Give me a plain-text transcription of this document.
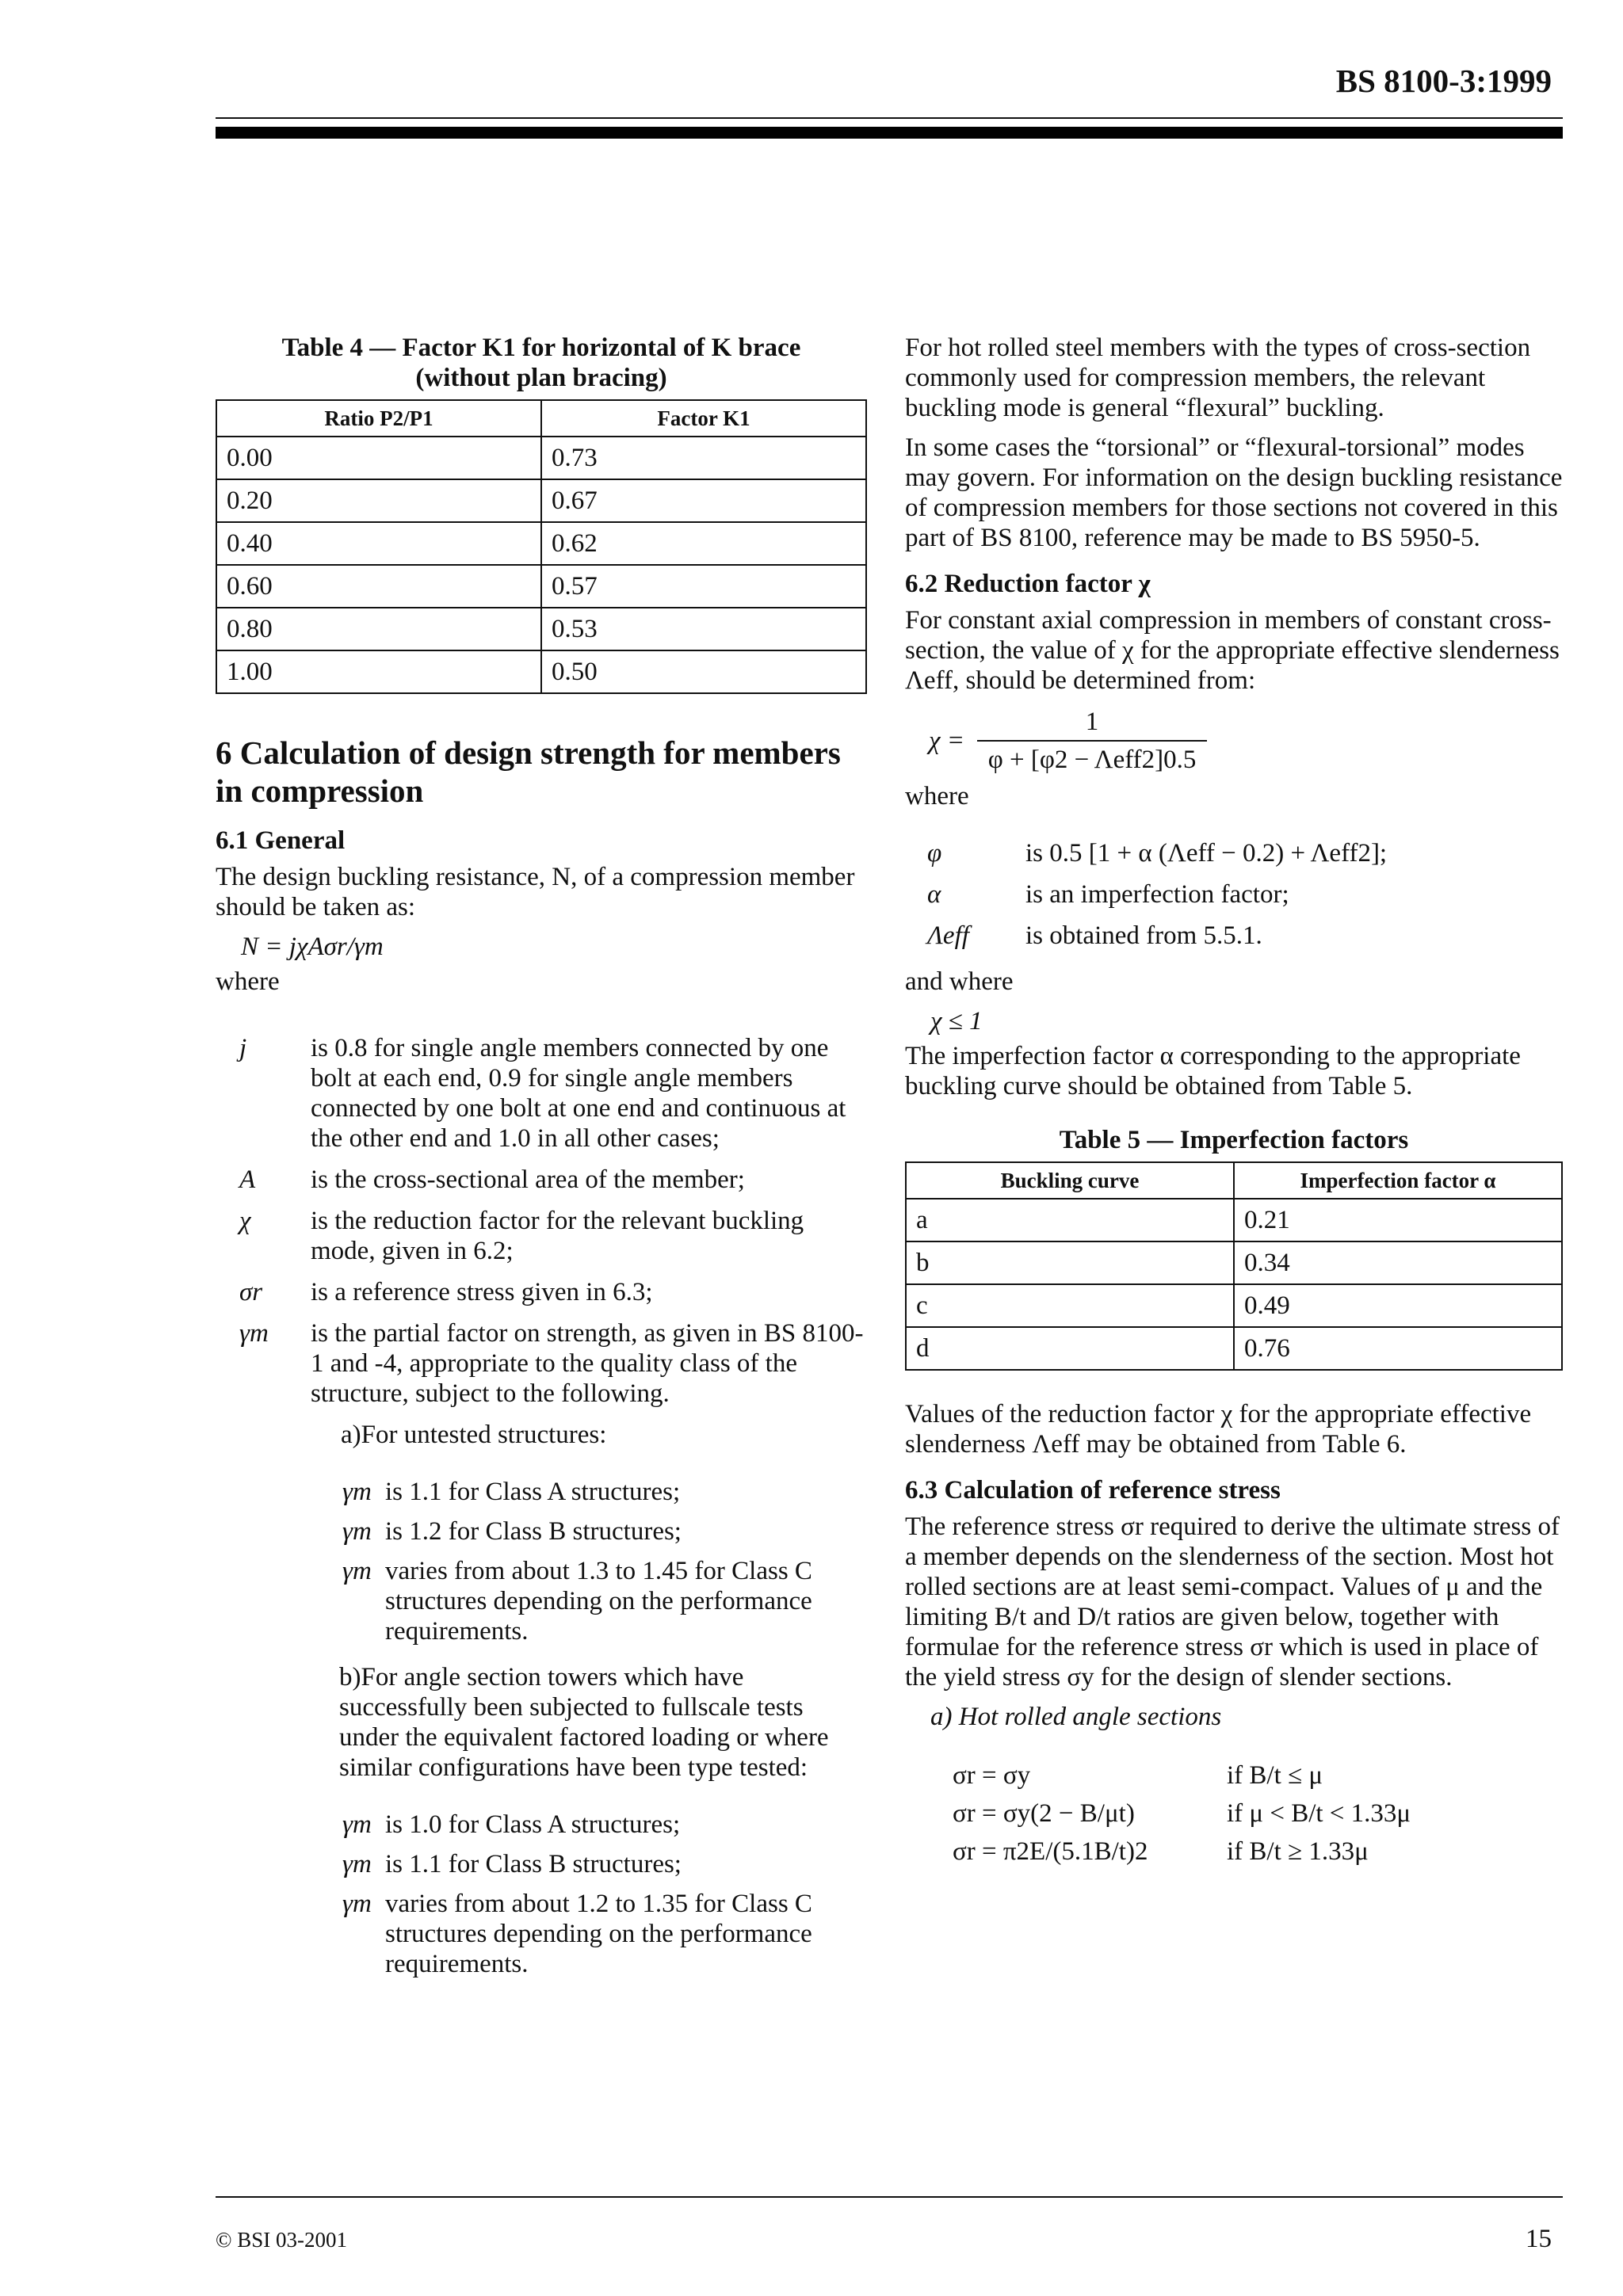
BS 8100-3:1999
Table 4 — Factor K1 for horizontal of K brace
(without plan bracing)
Ratio P2/P1	Factor K1
0.00	0.73
0.20	0.67
0.40	0.62
0.60	0.57
0.80	0.53
1.00	0.50
6 Calculation of design strength for members in compression
6.1 General

The design buckling resistance, N, of a compression member should be taken as:

N = jχAσr/γm

where

j	is 0.8 for single angle members connected by one bolt at each end, 0.9 for single angle members connected by one bolt at one end and continuous at the other end and 1.0 in all other cases;
A	is the cross-sectional area of the member;
χ	is the reduction factor for the relevant buckling mode, given in 6.2;
σr	is a reference stress given in 6.3;
γm	is the partial factor on strength, as given in BS 8100-1 and -4, appropriate to the quality class of the structure, subject to the following.
a)For untested structures:
γm is 1.1 for Class A structures;
γm is 1.2 for Class B structures;
γm varies from about 1.3 to 1.45 for Class C structures depending on the performance requirements.
b)For angle section towers which have successfully been subjected to fullscale tests under the equivalent factored loading or where similar configurations have been type tested:
γm is 1.0 for Class A structures;
γm is 1.1 for Class B structures;
γm varies from about 1.2 to 1.35 for Class C structures depending on the performance requirements.

For hot rolled steel members with the types of cross-section commonly used for compression members, the relevant buckling mode is general “flexural” buckling.

In some cases the “torsional” or “flexural-torsional” modes may govern. For information on the design buckling resistance of compression members for those sections not covered in this part of BS 8100, reference may be made to BS 5950-5.

6.2 Reduction factor χ

For constant axial compression in members of constant cross-section, the value of χ for the appropriate effective slenderness Λeff, should be determined from:

$\chi = \frac{1}{\text{φ + [φ2 − Λeff2]0.5}}$

where

φ	is 0.5 [1 + α (Λeff − 0.2) + Λeff2];
α	is an imperfection factor;
Λeff	is obtained from 5.5.1.

and where

χ ≤ 1

The imperfection factor α corresponding to the appropriate buckling curve should be obtained from Table 5.

Table 5 — Imperfection factors
Buckling curve	Imperfection factor α
a	0.21
b	0.34
c	0.49
d	0.76

Values of the reduction factor χ for the appropriate effective slenderness Λeff may be obtained from Table 6.

6.3 Calculation of reference stress

The reference stress σr required to derive the ultimate stress of a member depends on the slenderness of the section. Most hot rolled sections are at least semi-compact. Values of μ and the limiting B/t and D/t ratios are given below, together with formulae for the reference stress σr which is used in place of the yield stress σy for the design of slender sections.

a) Hot rolled angle sections
σr = σy	if B/t ≤ μ
σr = σy(2 − B/μt)	if μ < B/t < 1.33μ
σr = π2E/(5.1B/t)2	if B/t ≥ 1.33μ
© BSI 03-2001	15
